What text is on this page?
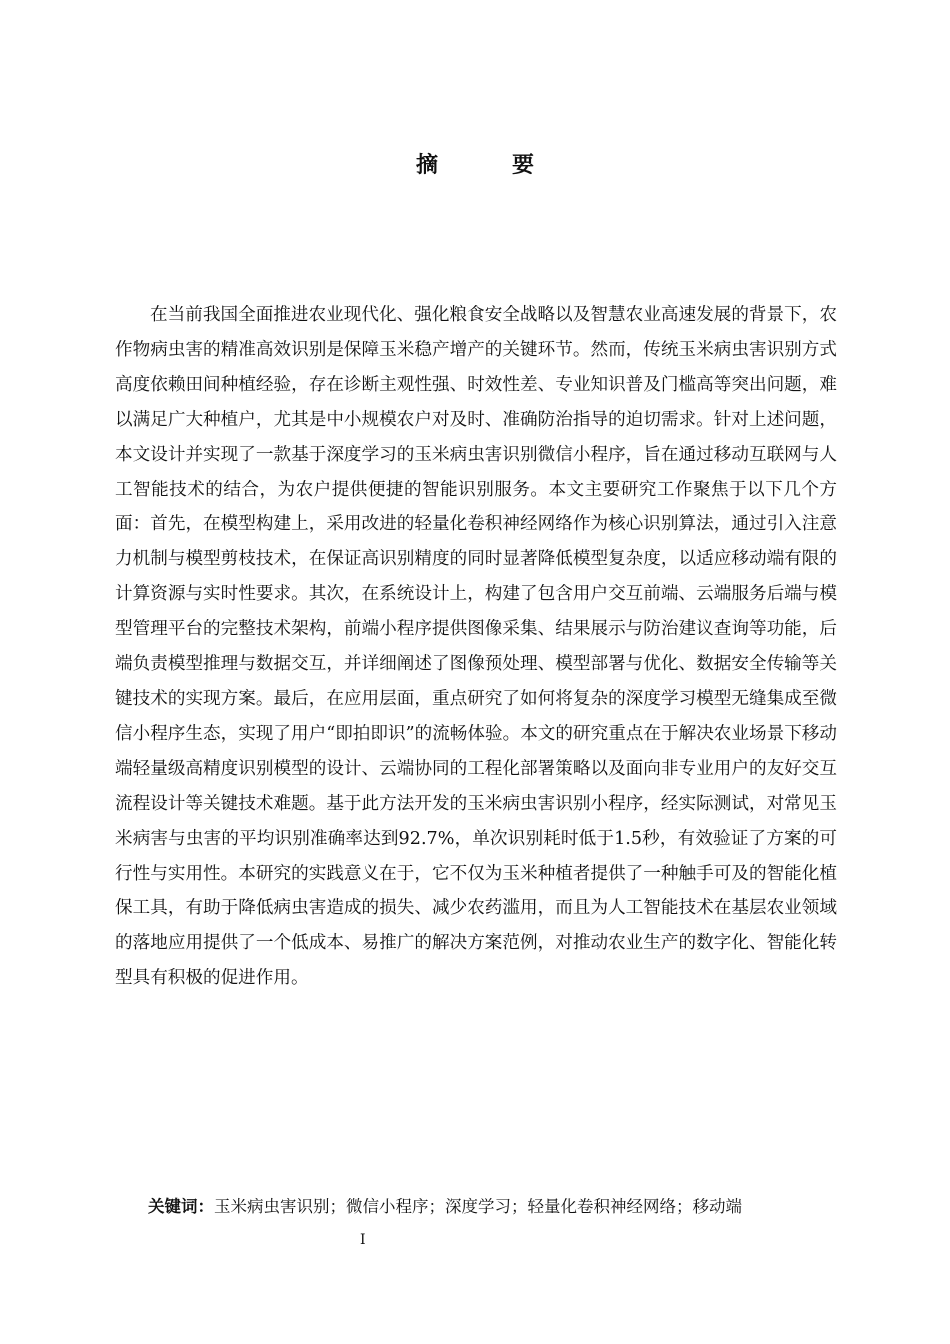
摘　要

在当前我国全面推进农业现代化、强化粮食安全战略以及智慧农业高速发展的背景下，农作物病虫害的精准高效识别是保障玉米稳产增产的关键环节。然而，传统玉米病虫害识别方式高度依赖田间种植经验，存在诊断主观性强、时效性差、专业知识普及门槛高等突出问题，难以满足广大种植户，尤其是中小规模农户对及时、准确防治指导的迫切需求。针对上述问题，本文设计并实现了一款基于深度学习的玉米病虫害识别微信小程序，旨在通过移动互联网与人工智能技术的结合，为农户提供便捷的智能识别服务。本文主要研究工作聚焦于以下几个方面：首先，在模型构建上，采用改进的轻量化卷积神经网络作为核心识别算法，通过引入注意力机制与模型剪枝技术，在保证高识别精度的同时显著降低模型复杂度，以适应移动端有限的计算资源与实时性要求。其次，在系统设计上，构建了包含用户交互前端、云端服务后端与模型管理平台的完整技术架构，前端小程序提供图像采集、结果展示与防治建议查询等功能，后端负责模型推理与数据交互，并详细阐述了图像预处理、模型部署与优化、数据安全传输等关键技术的实现方案。最后，在应用层面，重点研究了如何将复杂的深度学习模型无缝集成至微信小程序生态，实现了用户“即拍即识”的流畅体验。本文的研究重点在于解决农业场景下移动端轻量级高精度识别模型的设计、云端协同的工程化部署策略以及面向非专业用户的友好交互流程设计等关键技术难题。基于此方法开发的玉米病虫害识别小程序，经实际测试，对常见玉米病害与虫害的平均识别准确率达到92.7%，单次识别耗时低于1.5秒，有效验证了方案的可行性与实用性。本研究的实践意义在于，它不仅为玉米种植者提供了一种触手可及的智能化植保工具，有助于降低病虫害造成的损失、减少农药滥用，而且为人工智能技术在基层农业领域的落地应用提供了一个低成本、易推广的解决方案范例，对推动农业生产的数字化、智能化转型具有积极的促进作用。

关键词：玉米病虫害识别；微信小程序；深度学习；轻量化卷积神经网络；移动端
I
